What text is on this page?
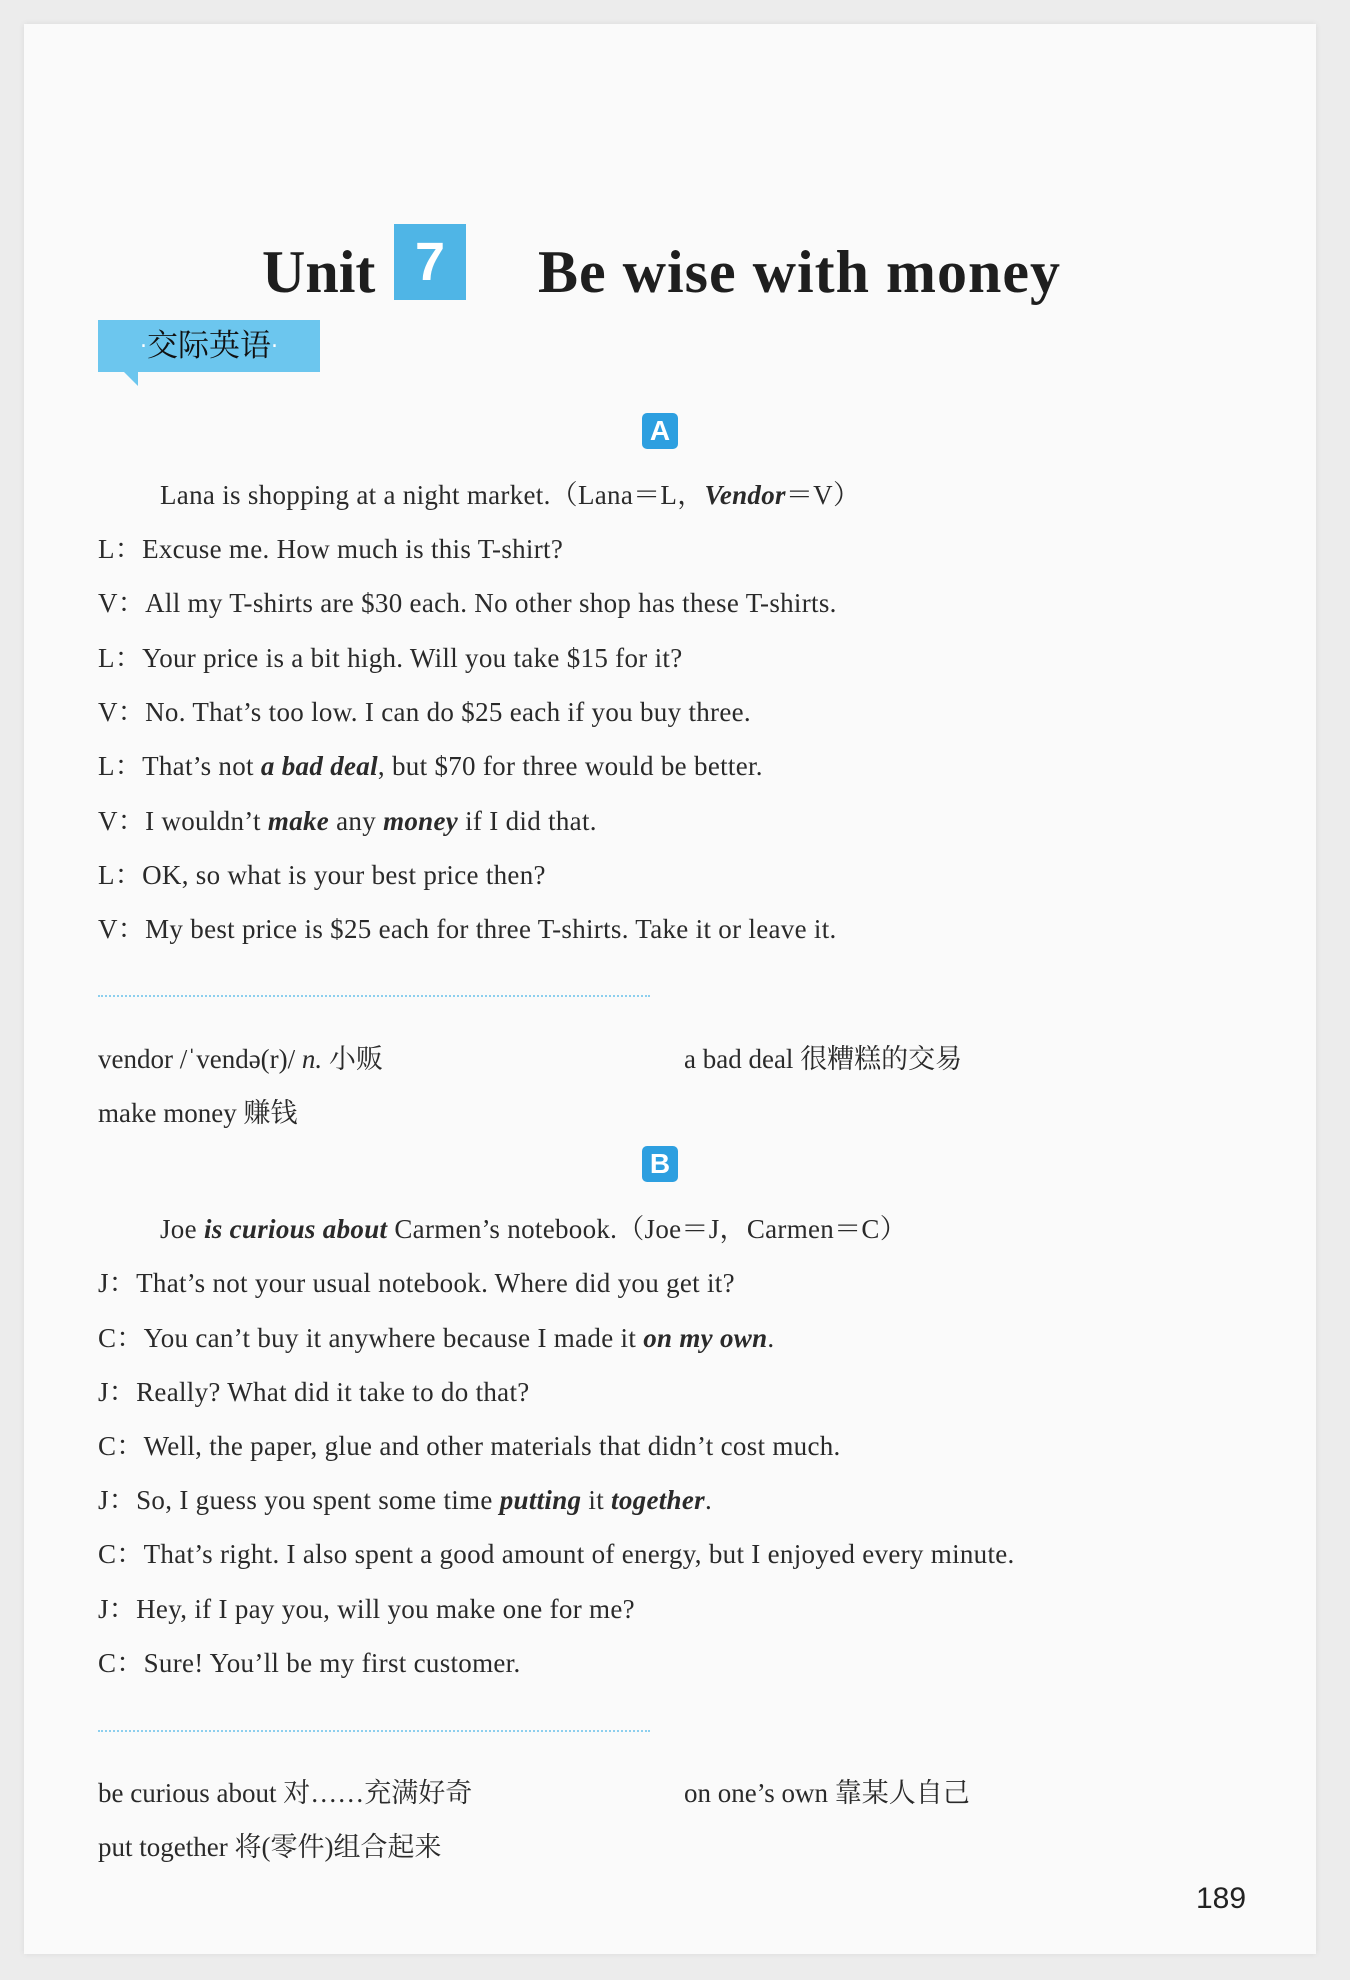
Unit 7	Be wise with money
·交际英语·
A
Lana is shopping at a night market.（Lana＝L，Vendor＝V）
L：Excuse me. How much is this T-shirt?
V：All my T-shirts are $30 each. No other shop has these T-shirts.
L：Your price is a bit high. Will you take $15 for it?
V：No. That’s too low. I can do $25 each if you buy three.
L：That’s not a bad deal, but $70 for three would be better.
V：I wouldn’t make any money if I did that.
L：OK, so what is your best price then?
V：My best price is $25 each for three T-shirts. Take it or leave it.
vendor /ˈvendə(r)/ n. 小贩	a bad deal 很糟糕的交易
make money 赚钱
B
Joe is curious about Carmen’s notebook.（Joe＝J，Carmen＝C）
J：That’s not your usual notebook. Where did you get it?
C：You can’t buy it anywhere because I made it on my own.
J：Really? What did it take to do that?
C：Well, the paper, glue and other materials that didn’t cost much.
J：So, I guess you spent some time putting it together.
C：That’s right. I also spent a good amount of energy, but I enjoyed every minute.
J：Hey, if I pay you, will you make one for me?
C：Sure! You’ll be my first customer.
be curious about 对……充满好奇	on one’s own 靠某人自己
put together 将(零件)组合起来
189
